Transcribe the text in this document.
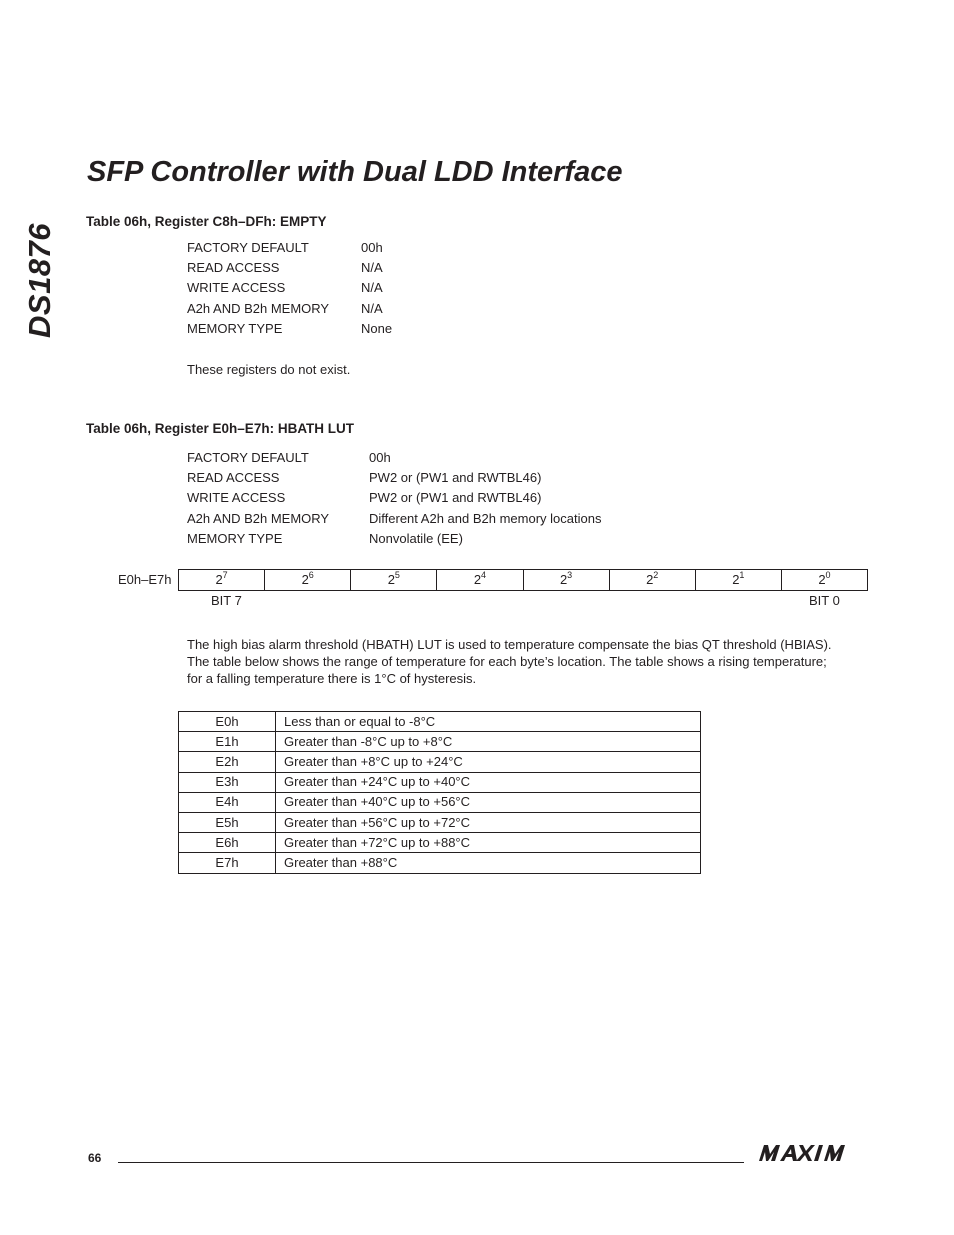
DS1876
SFP Controller with Dual LDD Interface
Table 06h, Register C8h–DFh: EMPTY
FACTORY DEFAULT	00h
READ ACCESS	N/A
WRITE ACCESS	N/A
A2h AND B2h MEMORY	N/A
MEMORY TYPE	None
These registers do not exist.
Table 06h, Register E0h–E7h: HBATH LUT
FACTORY DEFAULT	00h
READ ACCESS	PW2 or (PW1 and RWTBL46)
WRITE ACCESS	PW2 or (PW1 and RWTBL46)
A2h AND B2h MEMORY	Different A2h and B2h memory locations
MEMORY TYPE	Nonvolatile (EE)
E0h–E7h	$2^7$	$2^6$	$2^5$	$2^4$	$2^3$	$2^2$	$2^1$	$2^0$
BIT 7	BIT 0
The high bias alarm threshold (HBATH) LUT is used to temperature compensate the bias QT threshold (HBIAS).
The table below shows the range of temperature for each byte’s location. The table shows a rising temperature;
for a falling temperature there is 1°C of hysteresis.
E0h	Less than or equal to -8°C
E1h	Greater than -8°C up to +8°C
E2h	Greater than +8°C up to +24°C
E3h	Greater than +24°C up to +40°C
E4h	Greater than +40°C up to +56°C
E5h	Greater than +56°C up to +72°C
E6h	Greater than +72°C up to +88°C
E7h	Greater than +88°C
66
